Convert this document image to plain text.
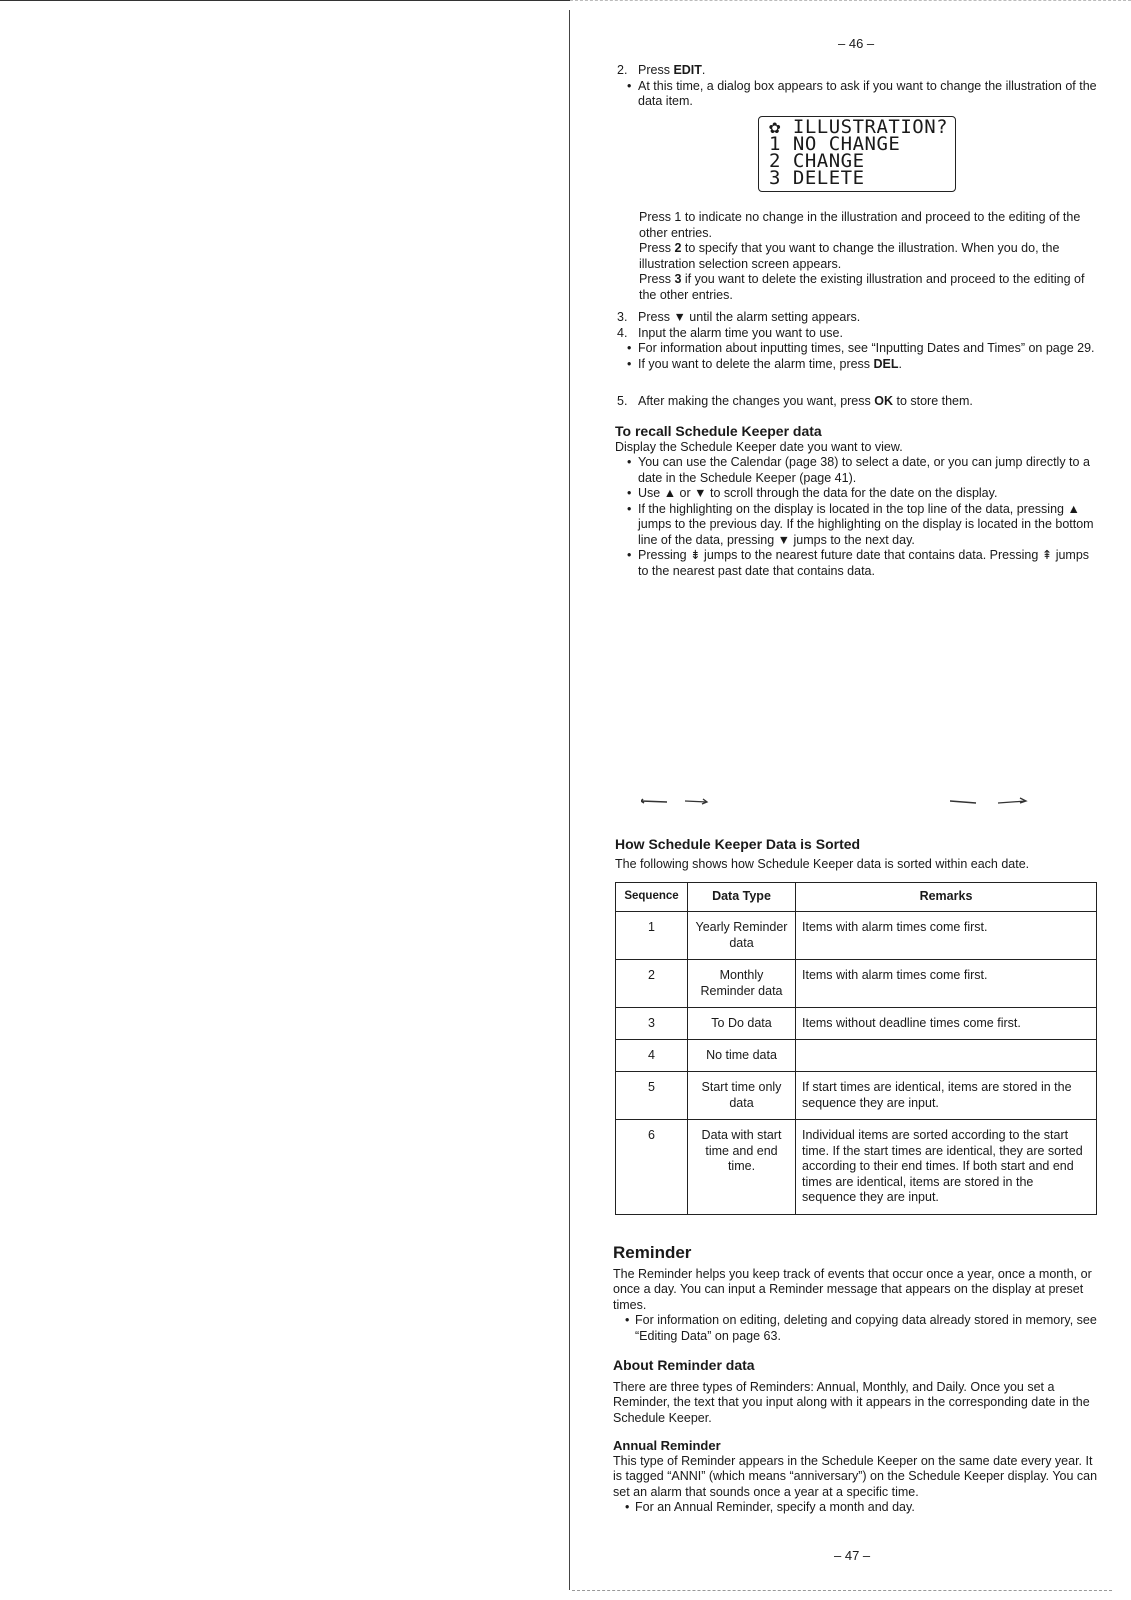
– 46 –
2. Press EDIT.
• At this time, a dialog box appears to ask if you want to change the illustration of the data item.
✿ ILLUSTRATION?
1 NO CHANGE
2 CHANGE
3 DELETE

Press 1 to indicate no change in the illustration and proceed to the editing of the other entries.

Press 2 to specify that you want to change the illustration. When you do, the illustration selection screen appears.

Press 3 if you want to delete the existing illustration and proceed to the editing of the other entries.

3. Press ▼ until the alarm setting appears.
4. Input the alarm time you want to use.
• For information about inputting times, see “Inputting Dates and Times” on page 29.
• If you want to delete the alarm time, press DEL.
5. After making the changes you want, press OK to store them.
To recall Schedule Keeper data

Display the Schedule Keeper date you want to view.

• You can use the Calendar (page 38) to select a date, or you can jump directly to a date in the Schedule Keeper (page 41).
• Use ▲ or ▼ to scroll through the data for the date on the display.
• If the highlighting on the display is located in the top line of the data, pressing ▲ jumps to the previous day. If the highlighting on the display is located in the bottom line of the data, pressing ▼ jumps to the next day.
• Pressing ⇟ jumps to the nearest future date that contains data. Pressing ⇞ jumps to the nearest past date that contains data.
How Schedule Keeper Data is Sorted

The following shows how Schedule Keeper data is sorted within each date.

Sequence	Data Type	Remarks
1	Yearly Reminder data	Items with alarm times come first.
2	Monthly Reminder data	Items with alarm times come first.
3	To Do data	Items without deadline times come first.
4	No time data	
5	Start time only data	If start times are identical, items are stored in the sequence they are input.
6	Data with start time and end time.	Individual items are sorted according to the start time. If the start times are identical, they are sorted according to their end times. If both start and end times are identical, items are stored in the sequence they are input.
Reminder

The Reminder helps you keep track of events that occur once a year, once a month, or once a day. You can input a Reminder message that appears on the display at preset times.

• For information on editing, deleting and copying data already stored in memory, see “Editing Data” on page 63.
About Reminder data

There are three types of Reminders: Annual, Monthly, and Daily. Once you set a Reminder, the text that you input along with it appears in the corresponding date in the Schedule Keeper.

Annual Reminder

This type of Reminder appears in the Schedule Keeper on the same date every year. It is tagged “ANNI” (which means “anniversary”) on the Schedule Keeper display. You can set an alarm that sounds once a year at a specific time.

• For an Annual Reminder, specify a month and day.
– 47 –
